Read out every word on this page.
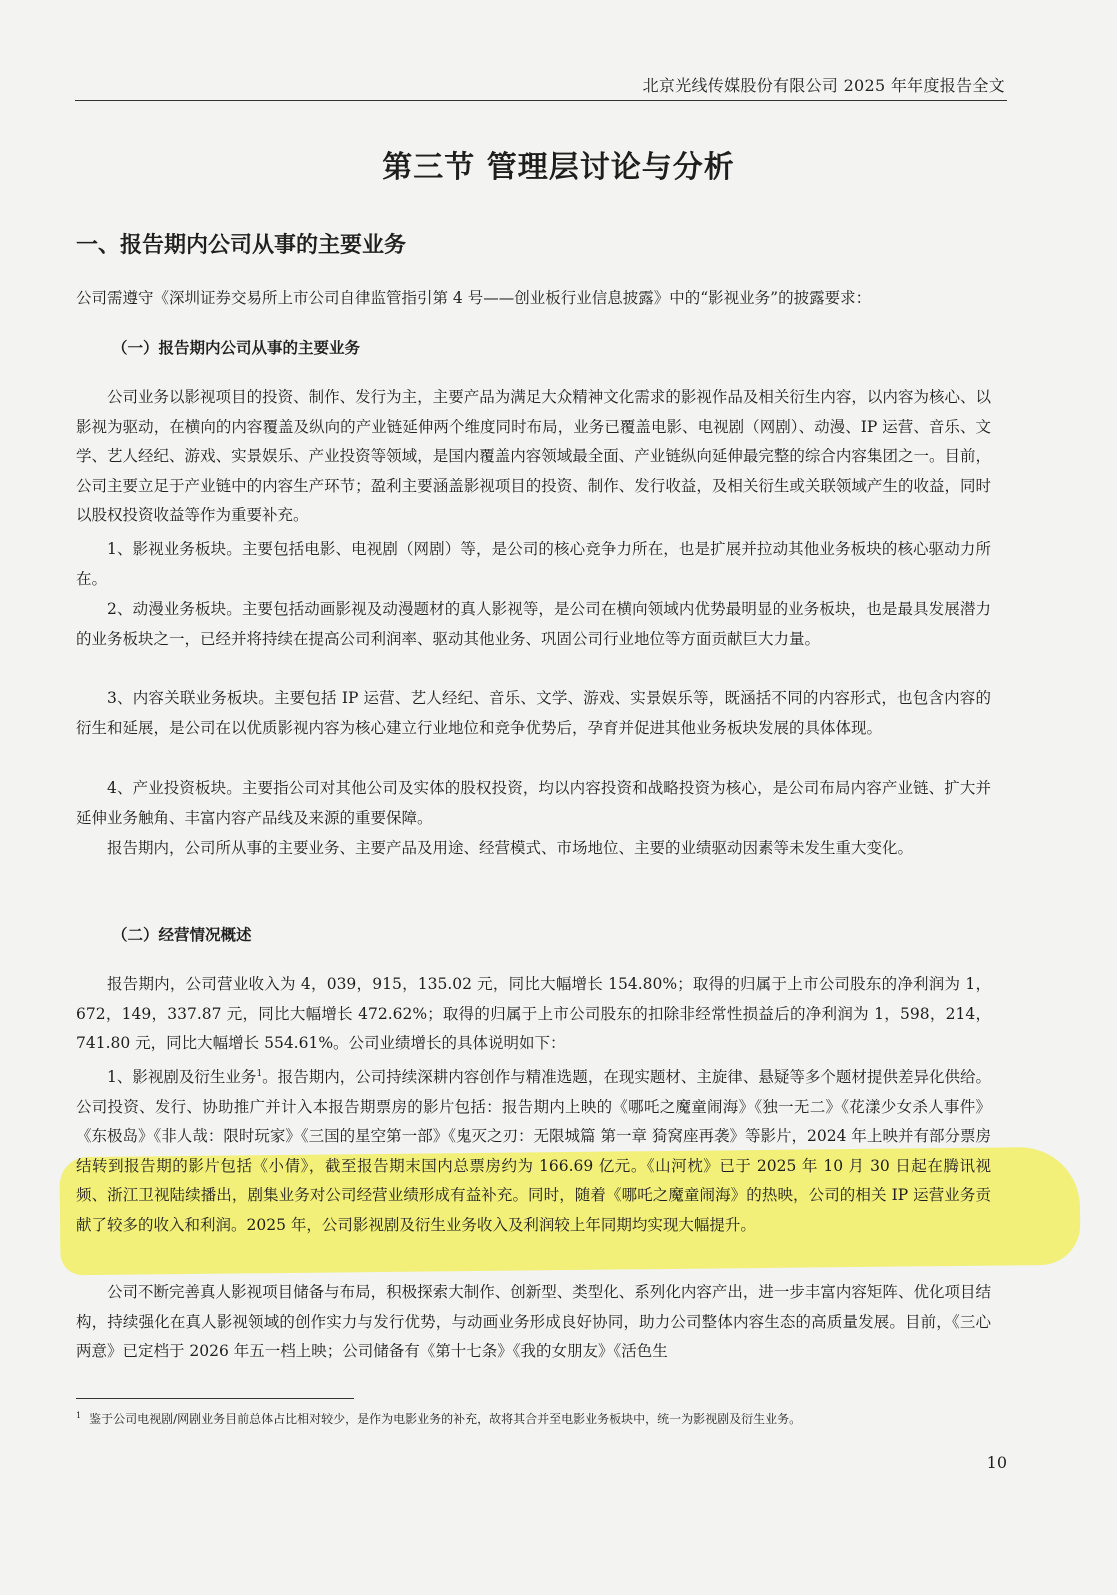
北京光线传媒股份有限公司 2025 年年度报告全文
第三节 管理层讨论与分析
一、报告期内公司从事的主要业务
公司需遵守《深圳证券交易所上市公司自律监管指引第 4 号——创业板行业信息披露》中的“影视业务”的披露要求：
（一）报告期内公司从事的主要业务

公司业务以影视项目的投资、制作、发行为主，主要产品为满足大众精神文化需求的影视作品及相关衍生内容，以内容为核心、以影视为驱动，在横向的内容覆盖及纵向的产业链延伸两个维度同时布局，业务已覆盖电影、电视剧（网剧）、动漫、IP 运营、音乐、文学、艺人经纪、游戏、实景娱乐、产业投资等领域，是国内覆盖内容领域最全面、产业链纵向延伸最完整的综合内容集团之一。目前，公司主要立足于产业链中的内容生产环节；盈利主要涵盖影视项目的投资、制作、发行收益，及相关衍生或关联领域产生的收益，同时以股权投资收益等作为重要补充。

1、影视业务板块。主要包括电影、电视剧（网剧）等，是公司的核心竞争力所在，也是扩展并拉动其他业务板块的核心驱动力所在。

2、动漫业务板块。主要包括动画影视及动漫题材的真人影视等，是公司在横向领域内优势最明显的业务板块，也是最具发展潜力的业务板块之一，已经并将持续在提高公司利润率、驱动其他业务、巩固公司行业地位等方面贡献巨大力量。

3、内容关联业务板块。主要包括 IP 运营、艺人经纪、音乐、文学、游戏、实景娱乐等，既涵括不同的内容形式，也包含内容的衍生和延展，是公司在以优质影视内容为核心建立行业地位和竞争优势后，孕育并促进其他业务板块发展的具体体现。

4、产业投资板块。主要指公司对其他公司及实体的股权投资，均以内容投资和战略投资为核心，是公司布局内容产业链、扩大并延伸业务触角、丰富内容产品线及来源的重要保障。

报告期内，公司所从事的主要业务、主要产品及用途、经营模式、市场地位、主要的业绩驱动因素等未发生重大变化。

（二）经营情况概述

报告期内，公司营业收入为 4，039，915，135.02 元，同比大幅增长 154.80%；取得的归属于上市公司股东的净利润为 1，672，149，337.87 元，同比大幅增长 472.62%；取得的归属于上市公司股东的扣除非经常性损益后的净利润为 1，598，214，741.80 元，同比大幅增长 554.61%。公司业绩增长的具体说明如下：

1、影视剧及衍生业务$^1$。报告期内，公司持续深耕内容创作与精准选题，在现实题材、主旋律、悬疑等多个题材提供差异化供给。公司投资、发行、协助推广并计入本报告期票房的影片包括：报告期内上映的《哪吒之魔童闹海》《独一无二》《花漾少女杀人事件》《东极岛》《非人哉：限时玩家》《三国的星空第一部》《鬼灭之刃：无限城篇 第一章 猗窝座再袭》等影片，2024 年上映并有部分票房结转到报告期的影片包括《小倩》，截至报告期末国内总票房约为 166.69 亿元。《山河枕》已于 2025 年 10 月 30 日起在腾讯视频、浙江卫视陆续播出，剧集业务对公司经营业绩形成有益补充。同时，随着《哪吒之魔童闹海》的热映，公司的相关 IP 运营业务贡献了较多的收入和利润。2025 年，公司影视剧及衍生业务收入及利润较上年同期均实现大幅提升。

公司不断完善真人影视项目储备与布局，积极探索大制作、创新型、类型化、系列化内容产出，进一步丰富内容矩阵、优化项目结构，持续强化在真人影视领域的创作实力与发行优势，与动画业务形成良好协同，助力公司整体内容生态的高质量发展。目前，《三心两意》已定档于 2026 年五一档上映；公司储备有《第十七条》《我的女朋友》《活色生

$^1$ 鉴于公司电视剧/网剧业务目前总体占比相对较少，是作为电影业务的补充，故将其合并至电影业务板块中，统一为影视剧及衍生业务。
10
